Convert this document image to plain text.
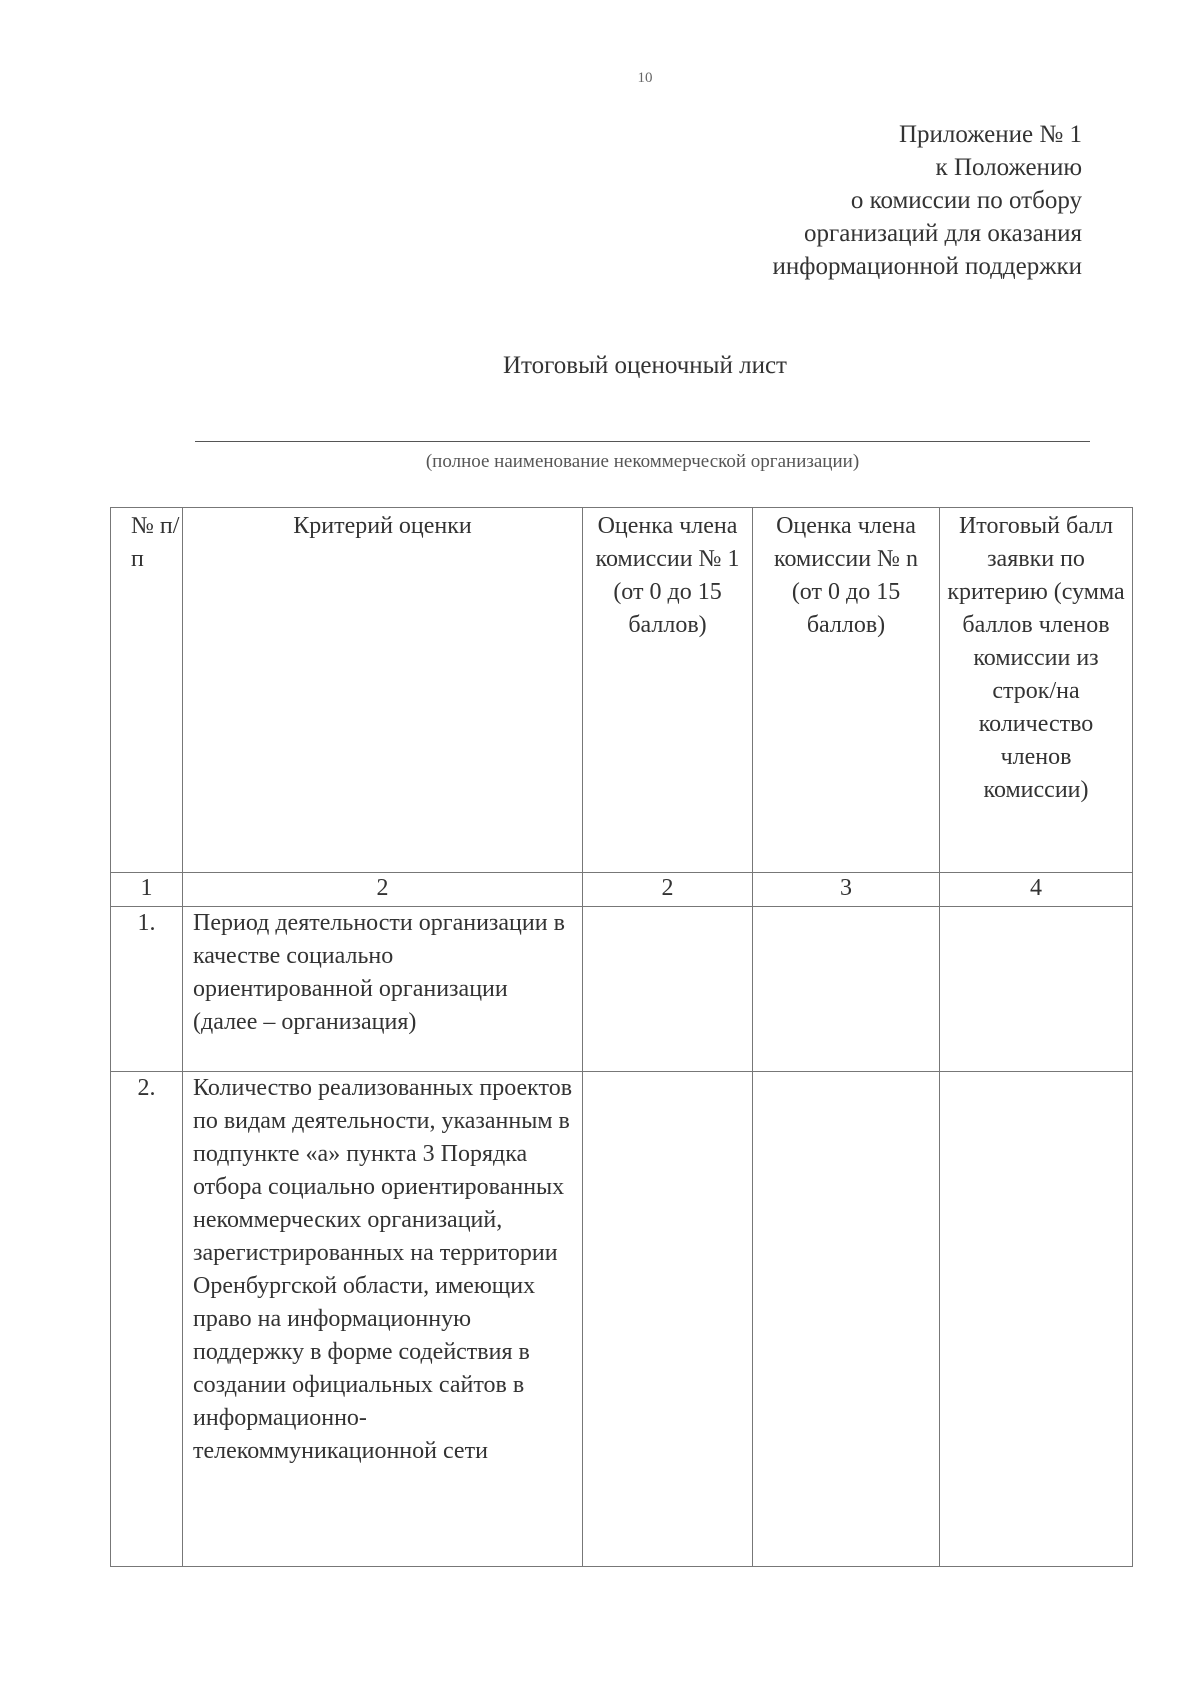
10
Приложение № 1
к Положению
о комиссии по отбору
организаций для оказания
информационной поддержки
Итоговый оценочный лист
(полное наименование некоммерческой организации)
№ п/п	Критерий оценки	Оценка члена комиссии № 1 (от 0 до 15 баллов)	Оценка члена комиссии № n (от 0 до 15 баллов)	Итоговый балл заявки по критерию (сумма баллов членов комиссии из строк/на количество членов комиссии)
1	2	2	3	4
1.	Период деятельности организации в качестве социально ориентированной организации (далее – организация)			
2.	Количество реализованных проектов по видам деятельности, указанным в подпункте «а» пункта 3 Порядка отбора социально ориентированных некоммерческих организаций, зарегистрированных на территории Оренбургской области, имеющих право на информационную поддержку в форме содействия в создании официальных сайтов в информационно-телекоммуникационной сети			
